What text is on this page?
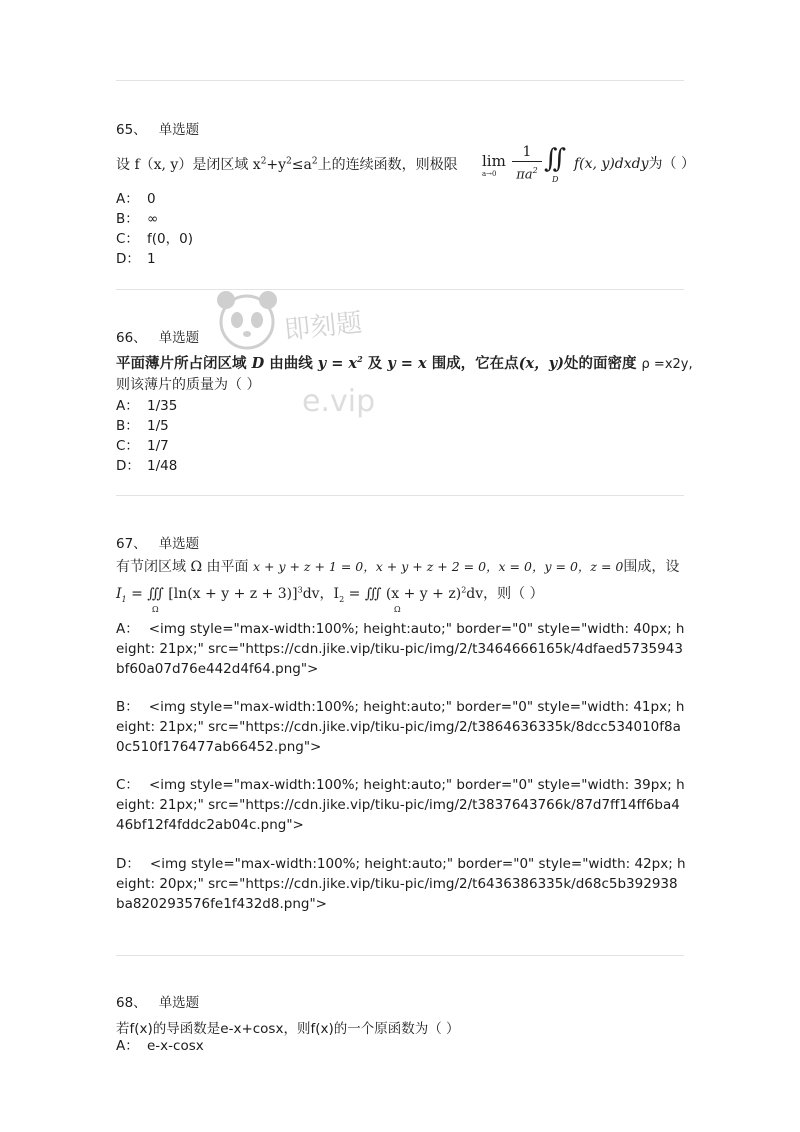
即刻题
e.vip
65、 单选题
设 f（x, y）是闭区域 $x^2+y^2\le a^2$上的连续函数，则极限 lim
$a\to 0 \frac{1}{\pi a^2}$ ∬
D
f(x, y)dxdy为（ ）
A： 0
B： ∞
C： f(0，0)
D： 1
66、 单选题
平面薄片所占闭区域 D 由曲线 $y = x^2$ 及 y = x 围成，它在点(x，y)处的面密度 ρ =x2y,
则该薄片的质量为（ ）
A： 1/35
B： 1/5
C： 1/7
D： 1/48
67、 单选题
有节闭区域 Ω 由平面 x + y + z + 1 = 0，x + y + z + 2 = 0，x = 0，y = 0，z = 0围成，设
$I_1$ = ∭ $[\ln(x + y + z + 3)]^3dv$，$I_2$ = ∭ $(x + y + z)^2dv$，则（ ）
Ω	Ω
A： <img style="max-width:100%; height:auto;" border="0" style="width: 40px; height: 21px;" src="https://cdn.jike.vip/tiku-pic/img/2/t3464666165k/4dfaed5735943bf60a07d76e442d4f64.png">
B： <img style="max-width:100%; height:auto;" border="0" style="width: 41px; height: 21px;" src="https://cdn.jike.vip/tiku-pic/img/2/t3864636335k/8dcc534010f8a0c510f176477ab66452.png">
C： <img style="max-width:100%; height:auto;" border="0" style="width: 39px; height: 21px;" src="https://cdn.jike.vip/tiku-pic/img/2/t3837643766k/87d7ff14ff6ba446bf12f4fddc2ab04c.png">
D： <img style="max-width:100%; height:auto;" border="0" style="width: 42px; height: 20px;" src="https://cdn.jike.vip/tiku-pic/img/2/t6436386335k/d68c5b392938ba820293576fe1f432d8.png">
68、 单选题
若f(x)的导函数是e-x+cosx，则f(x)的一个原函数为（ ）
A： e-x-cosx
